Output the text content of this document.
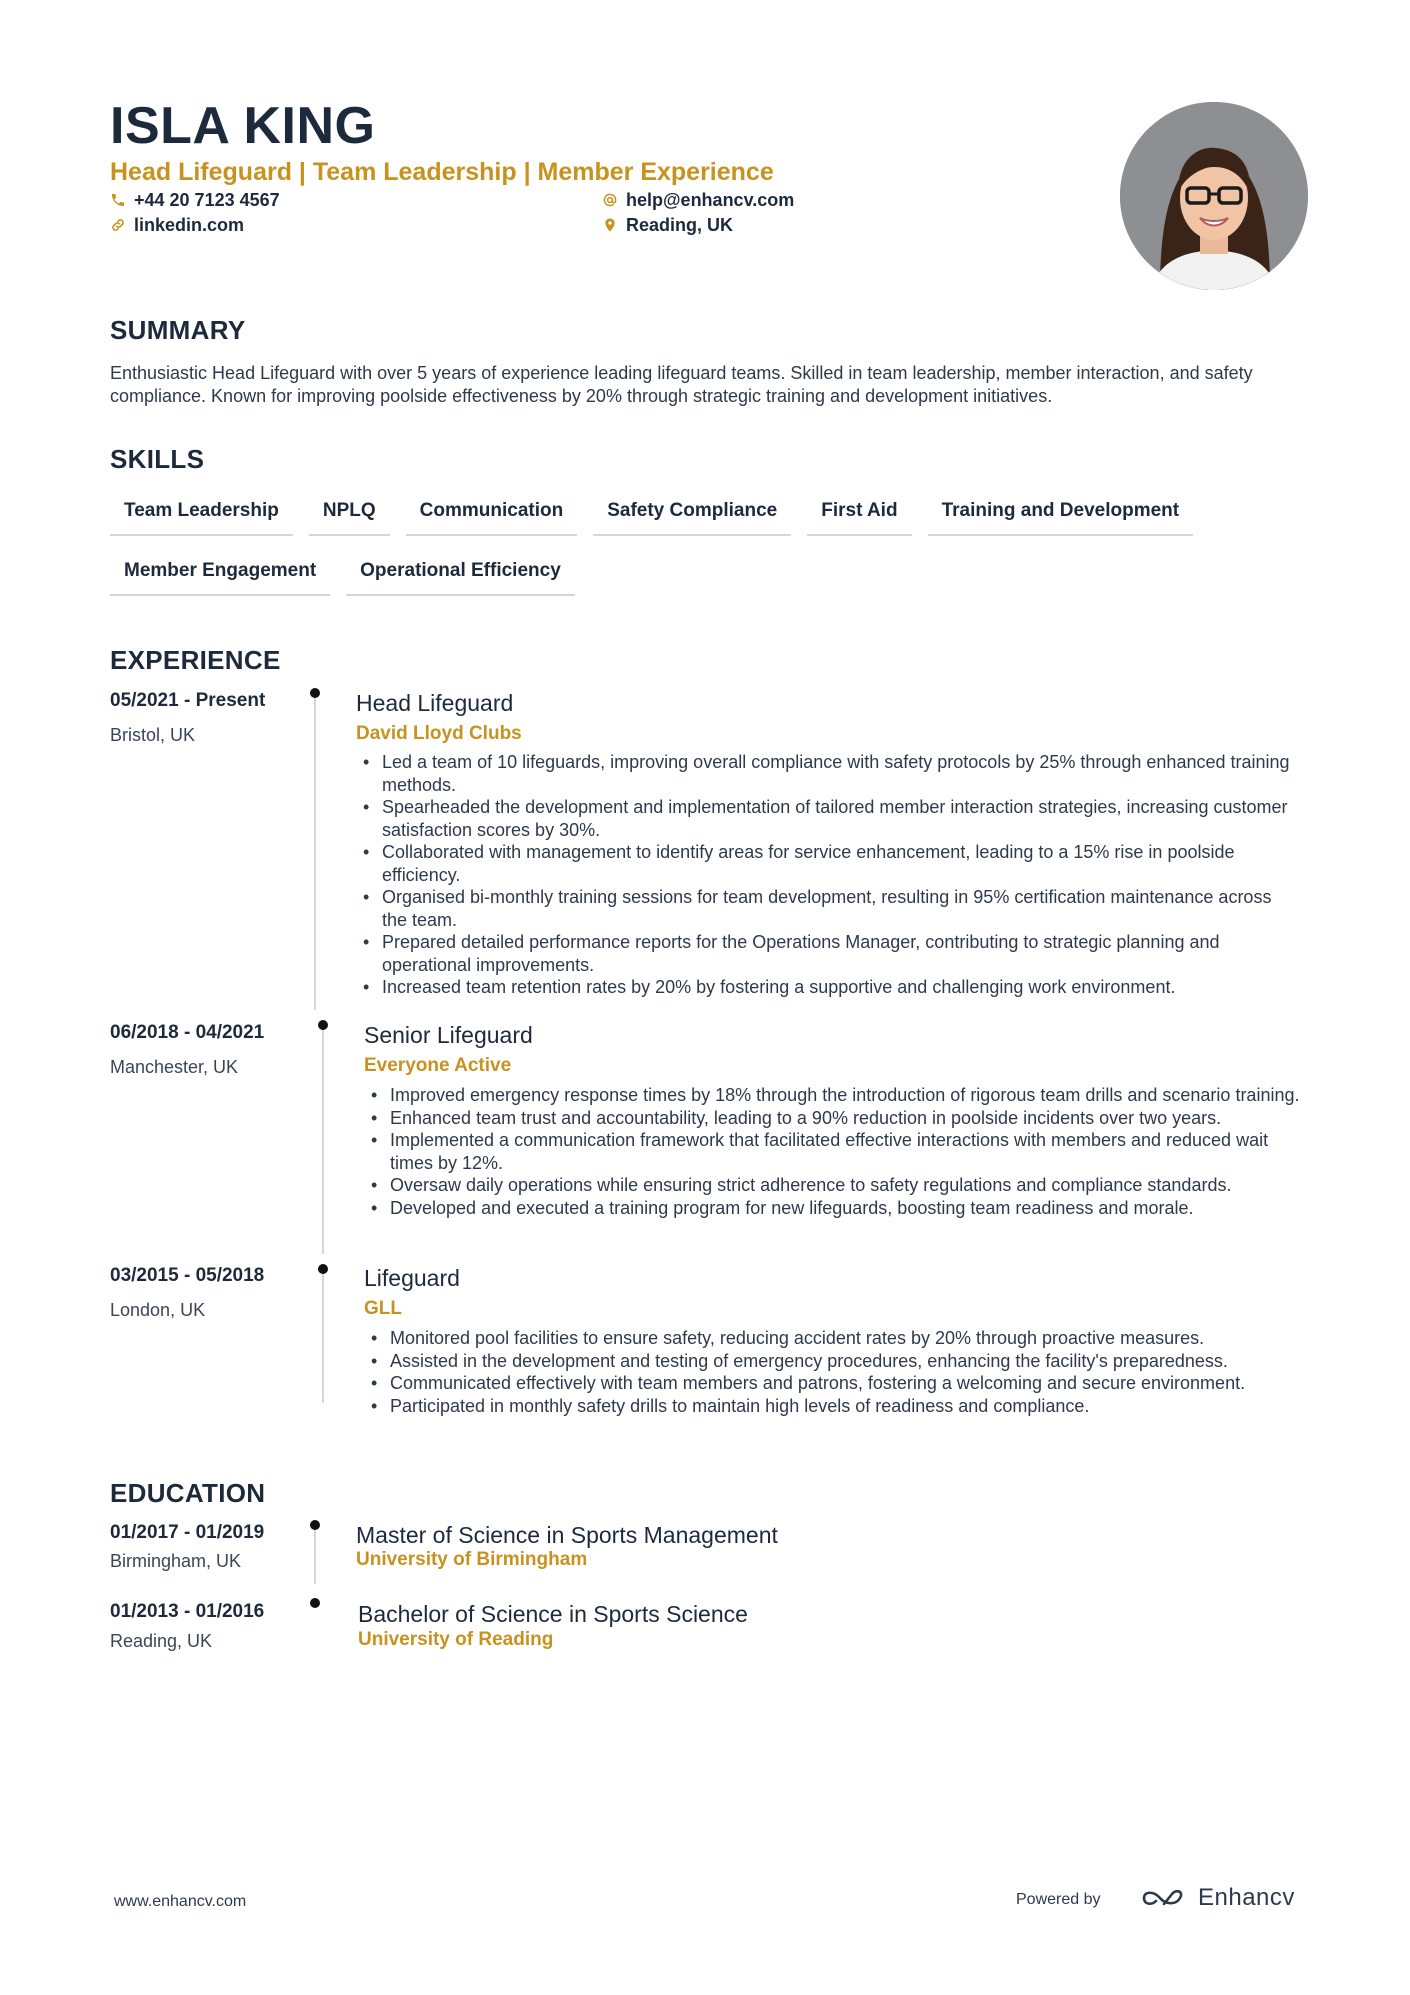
ISLA KING
Head Lifeguard | Team Leadership | Member Experience
+44 20 7123 4567
linkedin.com
help@enhancv.com
Reading, UK
SUMMARY
Enthusiastic Head Lifeguard with over 5 years of experience leading lifeguard teams. Skilled in team leadership, member interaction, and safety compliance. Known for improving poolside effectiveness by 20% through strategic training and development initiatives.
SKILLS
Team Leadership	NPLQ	Communication	Safety Compliance	First Aid	Training and Development
Member Engagement	Operational Efficiency
EXPERIENCE
05/2021 - Present
Bristol, UK
Head Lifeguard
David Lloyd Clubs
• Led a team of 10 lifeguards, improving overall compliance with safety protocols by 25% through enhanced training methods.
• Spearheaded the development and implementation of tailored member interaction strategies, increasing customer satisfaction scores by 30%.
• Collaborated with management to identify areas for service enhancement, leading to a 15% rise in poolside efficiency.
• Organised bi-monthly training sessions for team development, resulting in 95% certification maintenance across the team.
• Prepared detailed performance reports for the Operations Manager, contributing to strategic planning and operational improvements.
• Increased team retention rates by 20% by fostering a supportive and challenging work environment.
06/2018 - 04/2021
Manchester, UK
Senior Lifeguard
Everyone Active
• Improved emergency response times by 18% through the introduction of rigorous team drills and scenario training.
• Enhanced team trust and accountability, leading to a 90% reduction in poolside incidents over two years.
• Implemented a communication framework that facilitated effective interactions with members and reduced wait times by 12%.
• Oversaw daily operations while ensuring strict adherence to safety regulations and compliance standards.
• Developed and executed a training program for new lifeguards, boosting team readiness and morale.
03/2015 - 05/2018
London, UK
Lifeguard
GLL
• Monitored pool facilities to ensure safety, reducing accident rates by 20% through proactive measures.
• Assisted in the development and testing of emergency procedures, enhancing the facility's preparedness.
• Communicated effectively with team members and patrons, fostering a welcoming and secure environment.
• Participated in monthly safety drills to maintain high levels of readiness and compliance.
EDUCATION
01/2017 - 01/2019
Birmingham, UK
Master of Science in Sports Management
University of Birmingham
01/2013 - 01/2016
Reading, UK
Bachelor of Science in Sports Science
University of Reading
www.enhancv.com	Powered by	Enhancv
